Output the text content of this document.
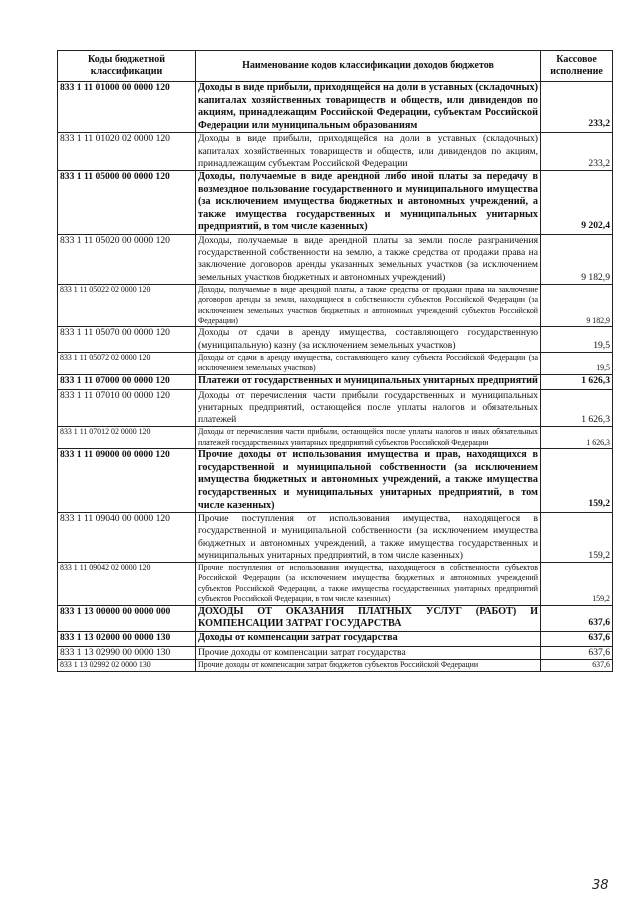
Коды бюджетной классификации	Наименование кодов классификации доходов бюджетов	Кассовое исполнение
833 1 11 01000 00 0000 120	Доходы в виде прибыли, приходящейся на доли в уставных (складочных) капиталах хозяйственных товариществ и обществ, или дивидендов по акциям, принадлежащим Российской Федерации, субъектам Российской Федерации или муниципальным образованиям	233,2
833 1 11 01020 02 0000 120	Доходы в виде прибыли, приходящейся на доли в уставных (складочных) капиталах хозяйственных товариществ и обществ, или дивидендов по акциям, принадлежащим субъектам Российской Федерации	233,2
833 1 11 05000 00 0000 120	Доходы, получаемые в виде арендной либо иной платы за передачу в возмездное пользование государственного и муниципального имущества (за исключением имущества бюджетных и автономных учреждений, а также имущества государственных и муниципальных унитарных предприятий, в том числе казенных)	9 202,4
833 1 11 05020 00 0000 120	Доходы, получаемые в виде арендной платы за земли после разграничения государственной собственности на землю, а также средства от продажи права на заключение договоров аренды указанных земельных участков (за исключением земельных участков бюджетных и автономных учреждений)	9 182,9
833 1 11 05022 02 0000 120	Доходы, получаемые в виде арендной платы, а также средства от продажи права на заключение договоров аренды за земли, находящиеся в собственности субъектов Российской Федерации (за исключением земельных участков бюджетных и автономных учреждений субъектов Российской Федерации)	9 182,9
833 1 11 05070 00 0000 120	Доходы от сдачи в аренду имущества, составляющего государственную (муниципальную) казну (за исключением земельных участков)	19,5
833 1 11 05072 02 0000 120	Доходы от сдачи в аренду имущества, составляющего казну субъекта Российской Федерации (за исключением земельных участков)	19,5
833 1 11 07000 00 0000 120	Платежи от государственных и муниципальных унитарных предприятий	1 626,3
833 1 11 07010 00 0000 120	Доходы от перечисления части прибыли государственных и муниципальных унитарных предприятий, остающейся после уплаты налогов и обязательных платежей	1 626,3
833 1 11 07012 02 0000 120	Доходы от перечисления части прибыли, остающейся после уплаты налогов и иных обязательных платежей государственных унитарных предприятий субъектов Российской Федерации	1 626,3
833 1 11 09000 00 0000 120	Прочие доходы от использования имущества и прав, находящихся в государственной и муниципальной собственности (за исключением имущества бюджетных и автономных учреждений, а также имущества государственных и муниципальных унитарных предприятий, в том числе казенных)	159,2
833 1 11 09040 00 0000 120	Прочие поступления от использования имущества, находящегося в государственной и муниципальной собственности (за исключением имущества бюджетных и автономных учреждений, а также имущества государственных и муниципальных унитарных предприятий, в том числе казенных)	159,2
833 1 11 09042 02 0000 120	Прочие поступления от использования имущества, находящегося в собственности субъектов Российской Федерации (за исключением имущества бюджетных и автономных учреждений субъектов Российской Федерации, а также имущества государственных унитарных предприятий субъектов Российской Федерации, в том числе казенных)	159,2
833 1 13 00000 00 0000 000	ДОХОДЫ ОТ ОКАЗАНИЯ ПЛАТНЫХ УСЛУГ (РАБОТ) И КОМПЕНСАЦИИ ЗАТРАТ ГОСУДАРСТВА	637,6
833 1 13 02000 00 0000 130	Доходы от компенсации затрат государства	637,6
833 1 13 02990 00 0000 130	Прочие доходы от компенсации затрат государства	637,6
833 1 13 02992 02 0000 130	Прочие доходы от компенсации затрат бюджетов субъектов Российской Федерации	637,6
38
